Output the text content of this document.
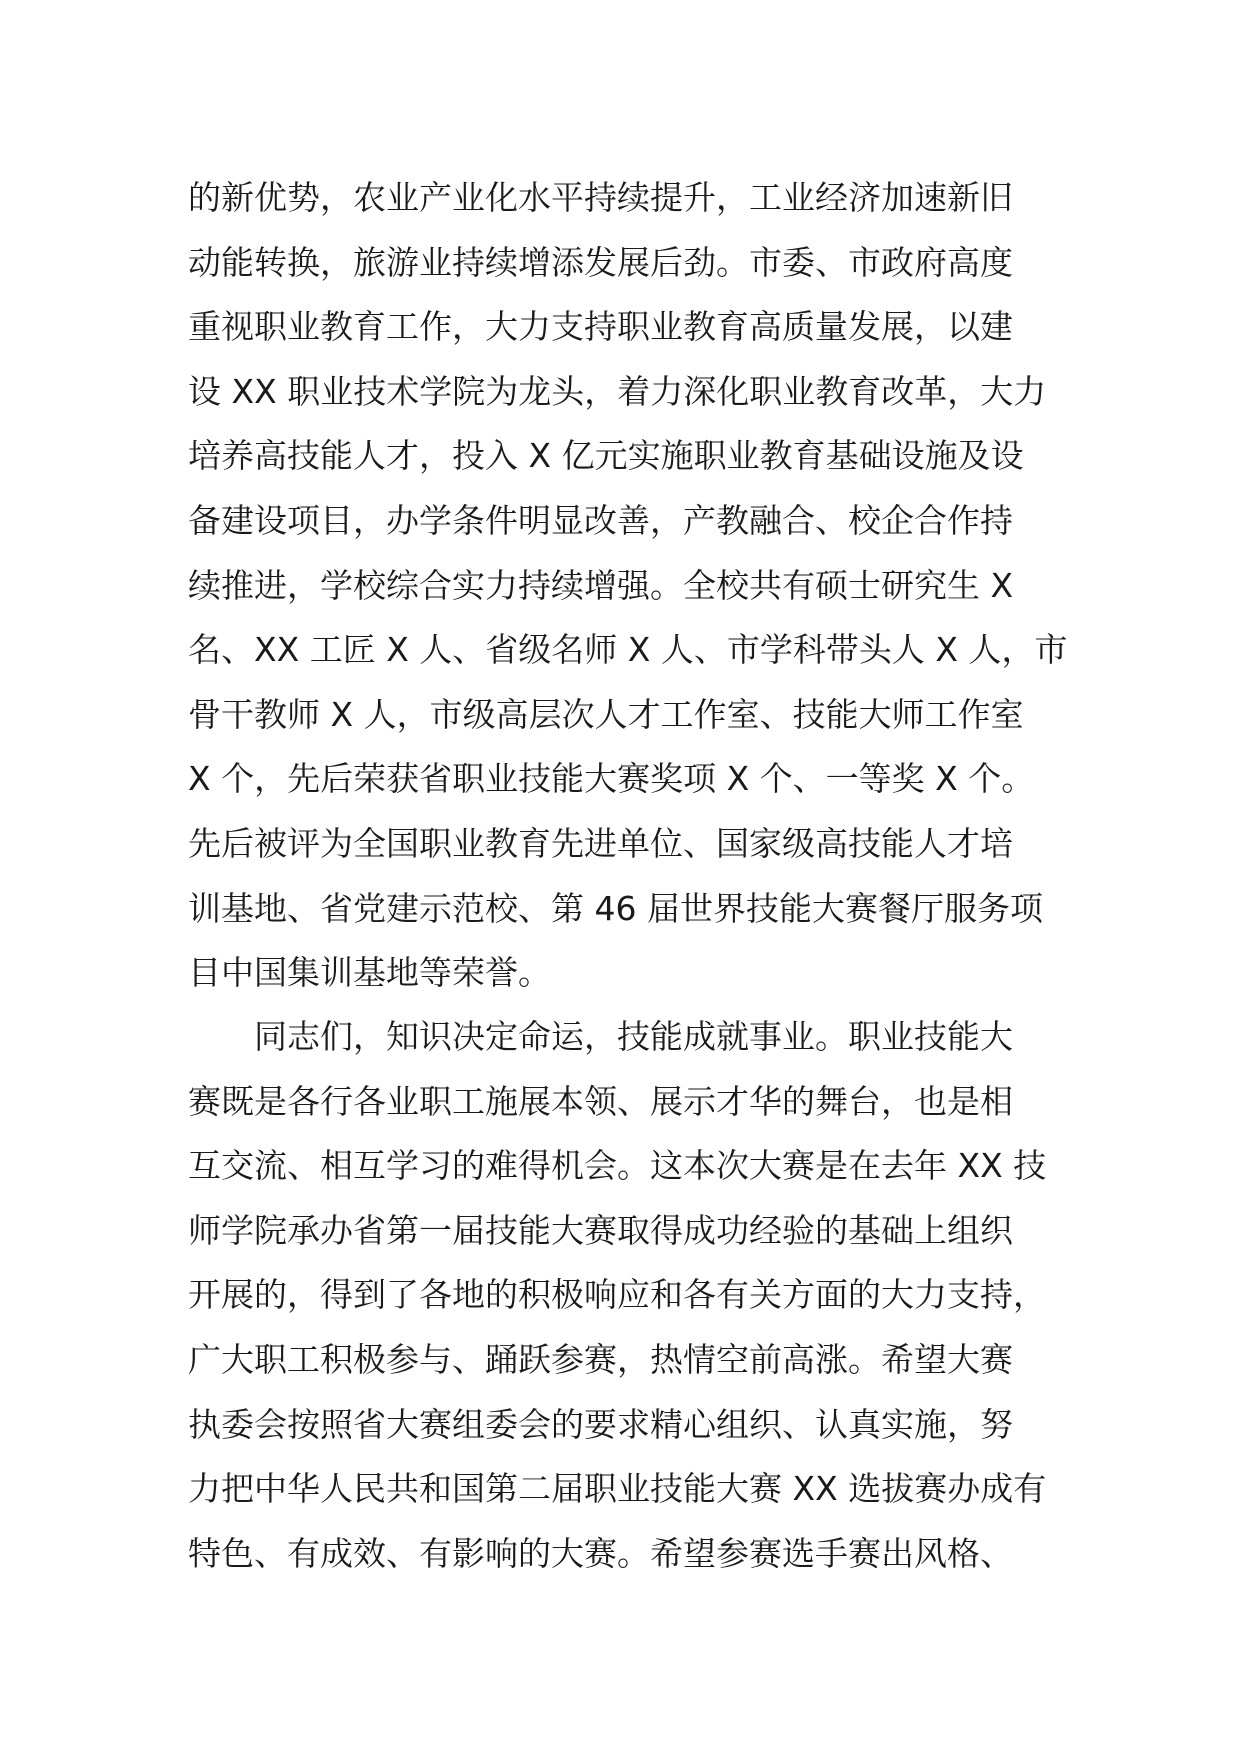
的新优势，农业产业化水平持续提升，工业经济加速新旧
动能转换，旅游业持续增添发展后劲。市委、市政府高度
重视职业教育工作，大力支持职业教育高质量发展，以建
设 XX 职业技术学院为龙头，着力深化职业教育改革，大力
培养高技能人才，投入 X 亿元实施职业教育基础设施及设
备建设项目，办学条件明显改善，产教融合、校企合作持
续推进，学校综合实力持续增强。全校共有硕士研究生 X
名、XX 工匠 X 人、省级名师 X 人、市学科带头人 X 人，市
骨干教师 X 人，市级高层次人才工作室、技能大师工作室
X 个，先后荣获省职业技能大赛奖项 X 个、一等奖 X 个。
先后被评为全国职业教育先进单位、国家级高技能人才培
训基地、省党建示范校、第 46 届世界技能大赛餐厅服务项
目中国集训基地等荣誉。
同志们，知识决定命运，技能成就事业。职业技能大
赛既是各行各业职工施展本领、展示才华的舞台，也是相
互交流、相互学习的难得机会。这本次大赛是在去年 XX 技
师学院承办省第一届技能大赛取得成功经验的基础上组织
开展的，得到了各地的积极响应和各有关方面的大力支持，
广大职工积极参与、踊跃参赛，热情空前高涨。希望大赛
执委会按照省大赛组委会的要求精心组织、认真实施，努
力把中华人民共和国第二届职业技能大赛 XX 选拔赛办成有
特色、有成效、有影响的大赛。希望参赛选手赛出风格、
